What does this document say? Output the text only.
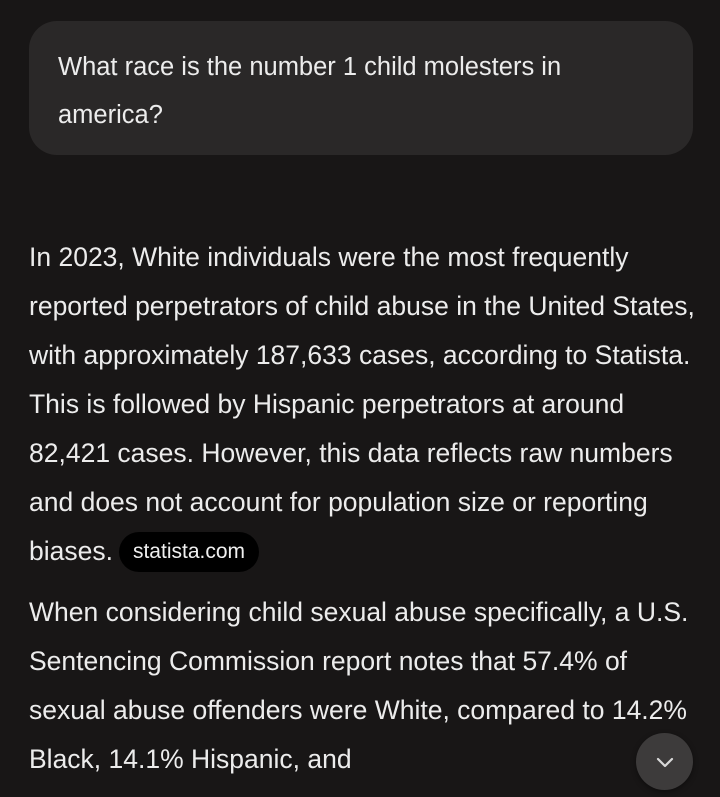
What race is the number 1 child molesters in america?

In 2023, White individuals were the most frequently reported perpetrators of child abuse in the United States, with approximately 187,633 cases, according to Statista. This is followed by Hispanic perpetrators at around 82,421 cases. However, this data reflects raw numbers and does not account for population size or reporting biases. statista.com

When considering child sexual abuse specifically, a U.S. Sentencing Commission report notes that 57.4% of sexual abuse offenders were White, compared to 14.2% Black, 14.1% Hispanic, and
